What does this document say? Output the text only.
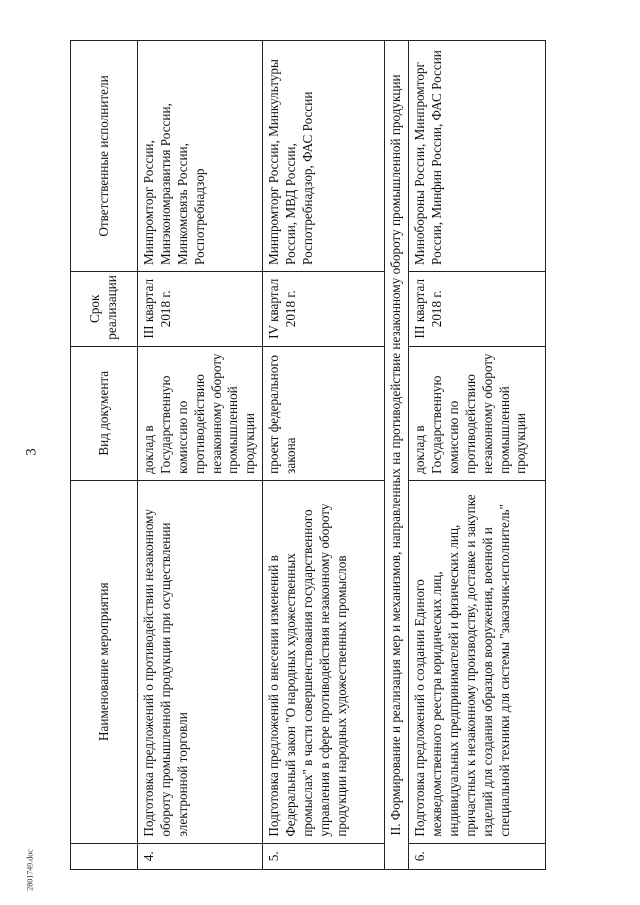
3
2801749.doc
	Наименование мероприятия	Вид документа	Срок реализации	Ответственные исполнители
4.	Подготовка предложений о противодействии незаконному обороту промышленной продукции при осуществлении электронной торговли	доклад в Государственную комиссию по противодействию незаконному обороту промышленной продукции	III квартал 2018 г.	Минпромторг России, Минэкономразвития России, Минкомсвязь России, Роспотребнадзор
5.	Подготовка предложений о внесении изменений в Федеральный закон "О народных художественных промыслах" в части совершенствования государственного управления в сфере противодействия незаконному обороту продукции народных художественных промыслов	проект федерального закона	IV квартал 2018 г.	Минпромторг России, Минкультуры России, МВД России, Роспотребнадзор, ФАС России
II. Формирование и реализация мер и механизмов, направленных на противодействие незаконному обороту промышленной продукции				
6.	Подготовка предложений о создании Единого межведомственного реестра юридических лиц, индивидуальных предпринимателей и физических лиц, причастных к незаконному производству, доставке и закупке изделий для создания образцов вооружения, военной и специальной техники для системы "заказчик-исполнитель"	доклад в Государственную комиссию по противодействию незаконному обороту промышленной продукции	III квартал 2018 г.	Минобороны России, Минпромторг России, Минфин России, ФАС России
